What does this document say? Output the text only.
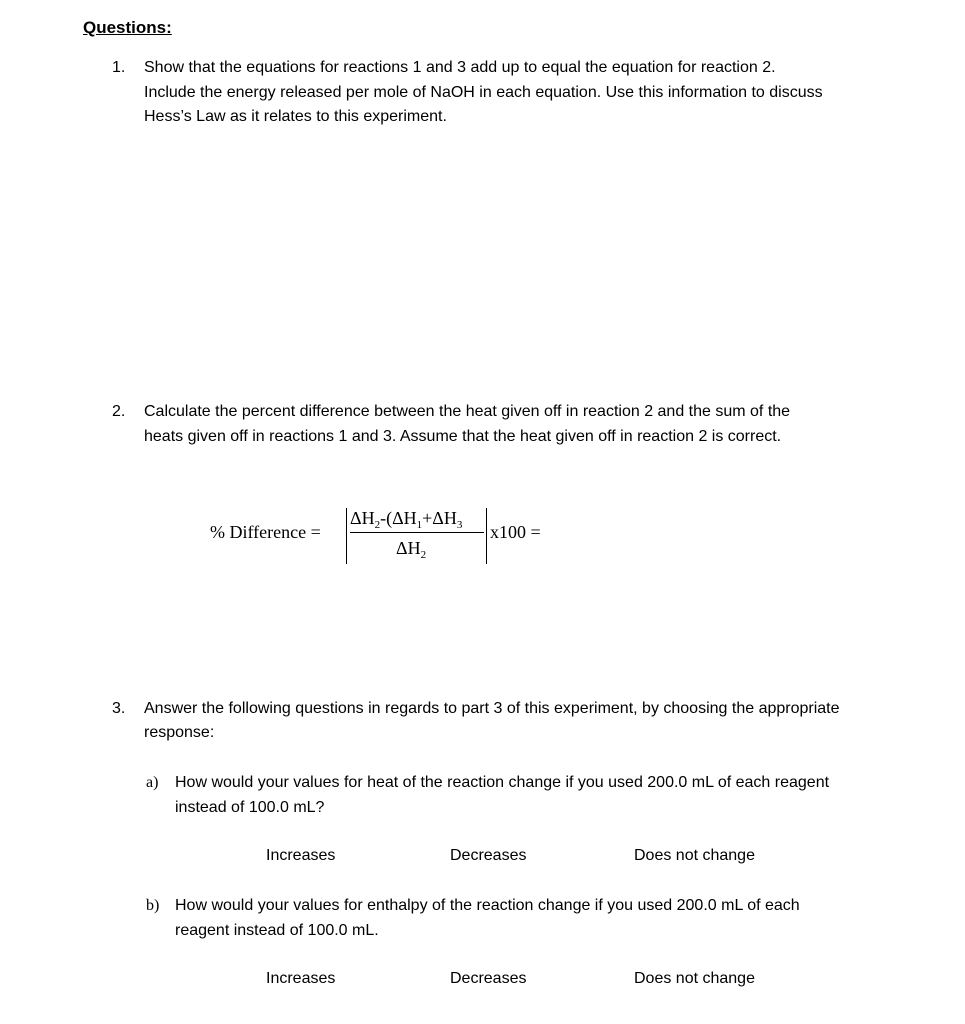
Questions:
1.	Show that the equations for reactions 1 and 3 add up to equal the equation for reaction 2.
Include the energy released per mole of NaOH in each equation. Use this information to discuss
Hess’s Law as it relates to this experiment.
2.	Calculate the percent difference between the heat given off in reaction 2 and the sum of the
heats given off in reactions 1 and 3. Assume that the heat given off in reaction 2 is correct.
% Difference =
$\Delta H_2-(\Delta H_1+\Delta H_3$
$\Delta H_2$
x100 =
3.	Answer the following questions in regards to part 3 of this experiment, by choosing the appropriate
response:
a)	How would your values for heat of the reaction change if you used 200.0 mL of each reagent
instead of 100.0 mL?
Increases	Decreases	Does not change
b) How would your values for enthalpy of the reaction change if you used 200.0 mL of each
reagent instead of 100.0 mL.
Increases	Decreases	Does not change
